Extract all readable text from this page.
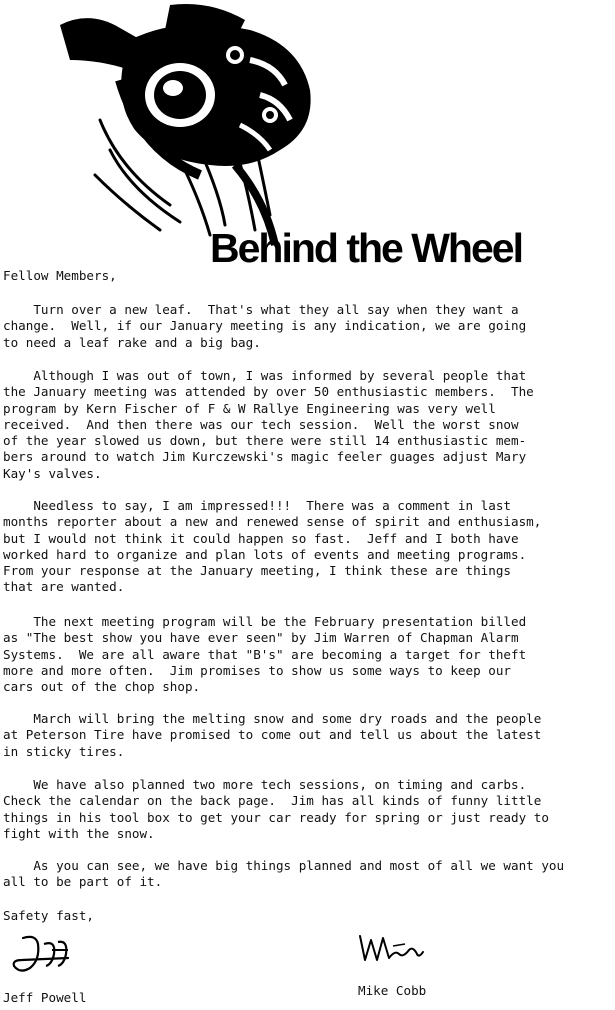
Behind the Wheel
Fellow Members,
Turn over a new leaf.  That's what they all say when they want a
change.  Well, if our January meeting is any indication, we are going
to need a leaf rake and a big bag.
Although I was out of town, I was informed by several people that
the January meeting was attended by over 50 enthusiastic members.  The
program by Kern Fischer of F & W Rallye Engineering was very well
received.  And then there was our tech session.  Well the worst snow
of the year slowed us down, but there were still 14 enthusiastic mem-
bers around to watch Jim Kurczewski's magic feeler guages adjust Mary
Kay's valves.
Needless to say, I am impressed!!!  There was a comment in last
months reporter about a new and renewed sense of spirit and enthusiasm,
but I would not think it could happen so fast.  Jeff and I both have
worked hard to organize and plan lots of events and meeting programs.
From your response at the January meeting, I think these are things
that are wanted.
The next meeting program will be the February presentation billed
as "The best show you have ever seen" by Jim Warren of Chapman Alarm
Systems.  We are all aware that "B's" are becoming a target for theft
more and more often.  Jim promises to show us some ways to keep our
cars out of the chop shop.
March will bring the melting snow and some dry roads and the people
at Peterson Tire have promised to come out and tell us about the latest
in sticky tires.
We have also planned two more tech sessions, on timing and carbs.
Check the calendar on the back page.  Jim has all kinds of funny little
things in his tool box to get your car ready for spring or just ready to
fight with the snow.
As you can see, we have big things planned and most of all we want you
all to be part of it.
Safety fast,
Jeff Powell	Mike Cobb
